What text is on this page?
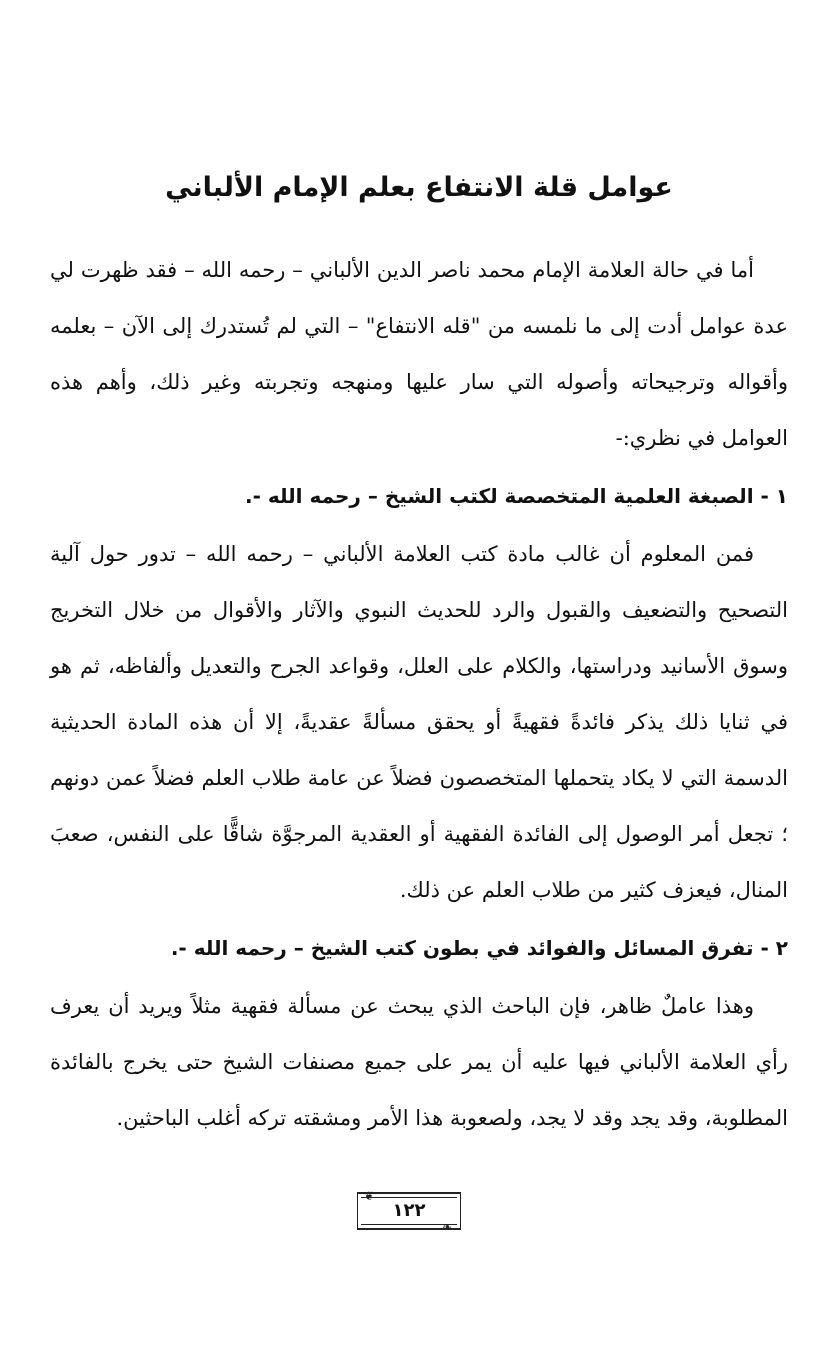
عوامل قلة الانتفاع بعلم الإمام الألباني

أما في حالة العلامة الإمام محمد ناصر الدين الألباني – رحمه الله – فقد ظهرت لي عدة عوامل أدت إلى ما نلمسه من "قله الانتفاع" – التي لم تُستدرك إلى الآن – بعلمه وأقواله وترجيحاته وأصوله التي سار عليها ومنهجه وتجربته وغير ذلك، وأهم هذه العوامل في نظري:-

١ - الصبغة العلمية المتخصصة لكتب الشيخ – رحمه الله -.

فمن المعلوم أن غالب مادة كتب العلامة الألباني – رحمه الله – تدور حول آلية التصحيح والتضعيف والقبول والرد للحديث النبوي والآثار والأقوال من خلال التخريج وسوق الأسانيد ودراستها، والكلام على العلل، وقواعد الجرح والتعديل وألفاظه، ثم هو في ثنايا ذلك يذكر فائدةً فقهيةً أو يحقق مسألةً عقديةً، إلا أن هذه المادة الحديثية الدسمة التي لا يكاد يتحملها المتخصصون فضلاً عن عامة طلاب العلم فضلاً عمن دونهم ؛ تجعل أمر الوصول إلى الفائدة الفقهية أو العقدية المرجوَّة شاقًّا على النفس، صعبَ المنال، فيعزف كثير من طلاب العلم عن ذلك.

٢ - تفرق المسائل والفوائد في بطون كتب الشيخ – رحمه الله -.

وهذا عاملٌ ظاهر، فإن الباحث الذي يبحث عن مسألة فقهية مثلاً ويريد أن يعرف رأي العلامة الألباني فيها عليه أن يمر على جميع مصنفات الشيخ حتى يخرج بالفائدة المطلوبة، وقد يجد وقد لا يجد، ولصعوبة هذا الأمر ومشقته تركه أغلب الباحثين.

❦
❧
١٢٢
